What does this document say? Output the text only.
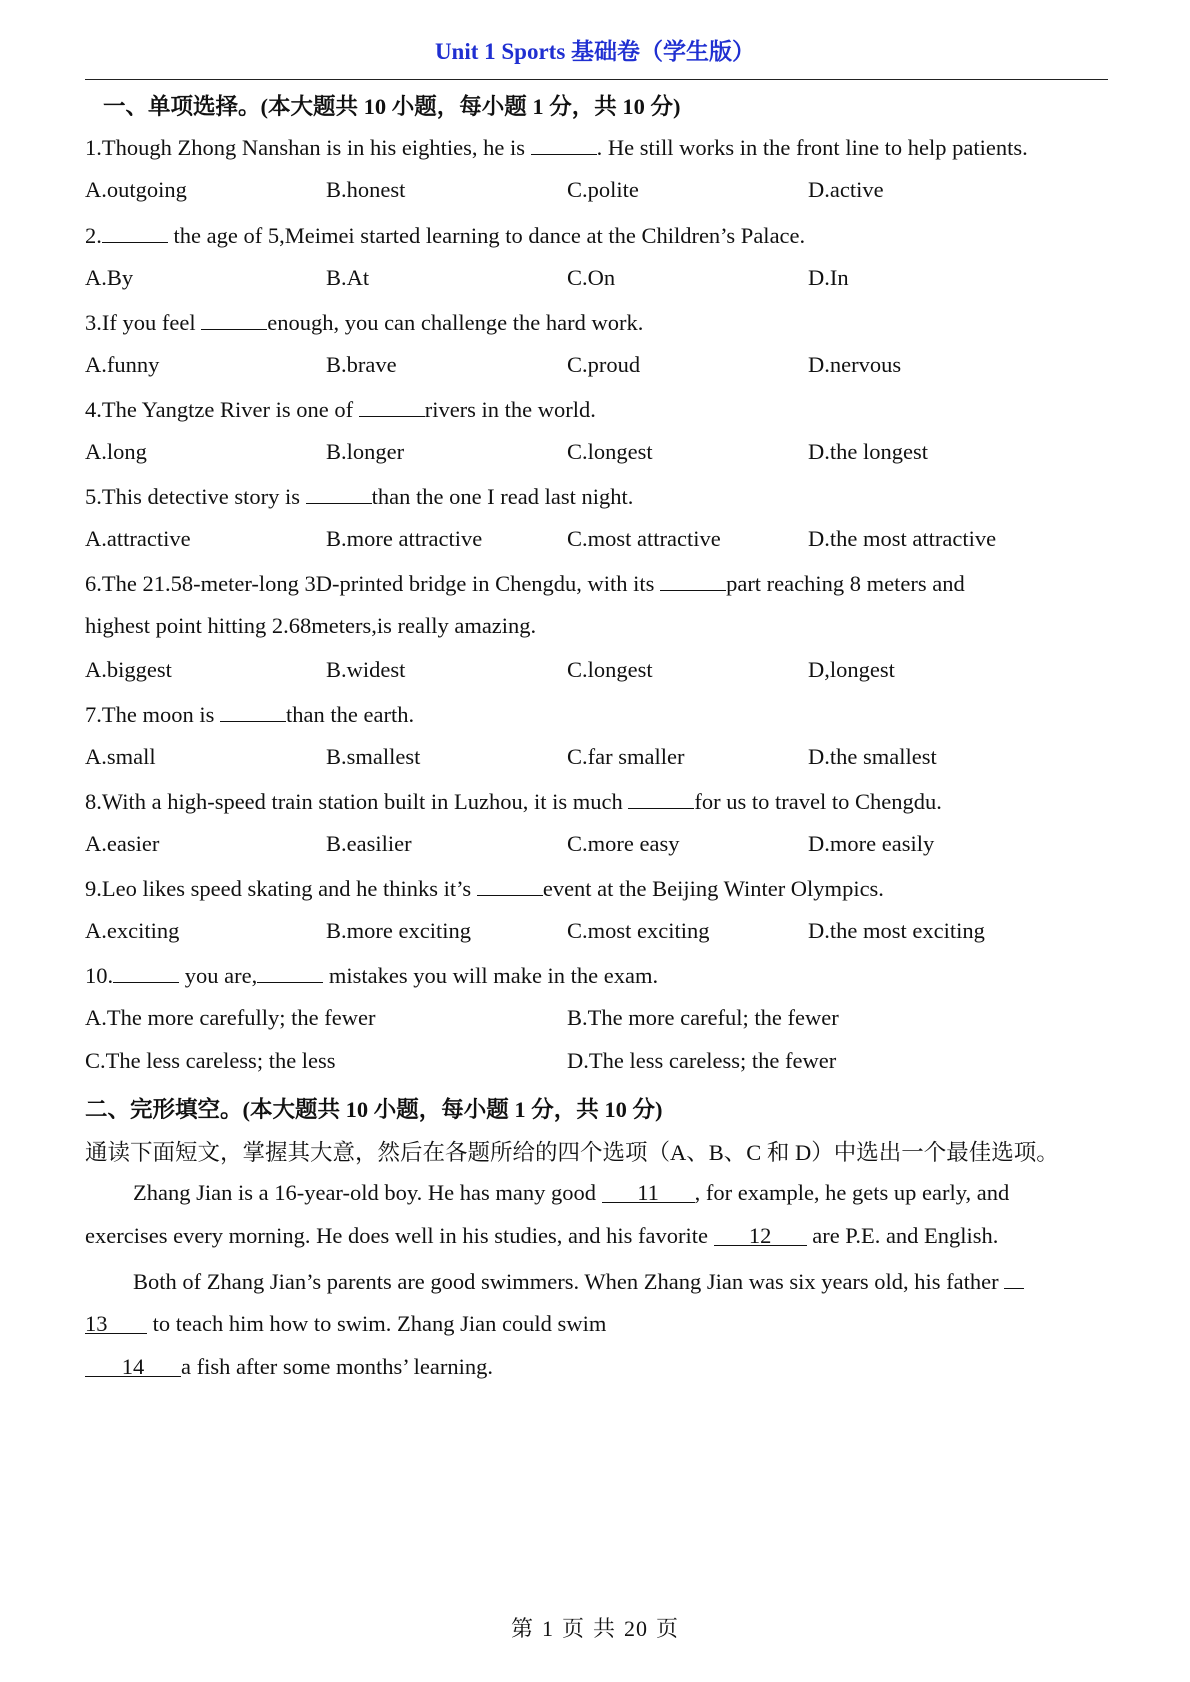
Unit 1 Sports 基础卷（学生版）
一、单项选择。(本大题共 10 小题，每小题 1 分，共 10 分)
1.Though Zhong Nanshan is in his eighties, he is	. He still works in the front line to help patients.
A.outgoing	B.honest	C.polite	D.active
2.	the age of 5,Meimei started learning to dance at the Children’s Palace.
A.By	B.At	C.On	D.In
3.If you feel	enough, you can challenge the hard work.
A.funny	B.brave	C.proud	D.nervous
4.The Yangtze River is one of	rivers in the world.
A.long	B.longer	C.longest	D.the longest
5.This detective story is	than the one I read last night.
A.attractive	B.more attractive	C.most attractive	D.the most attractive
6.The 21.58-meter-long 3D-printed bridge in Chengdu, with its	part reaching 8 meters and
highest point hitting 2.68meters,is really amazing.
A.biggest	B.widest	C.longest	D,longest
7.The moon is	than the earth.
A.small	B.smallest	C.far smaller	D.the smallest
8.With a high-speed train station built in Luzhou, it is much	for us to travel to Chengdu.
A.easier	B.easilier	C.more easy	D.more easily
9.Leo likes speed skating and he thinks it’s	event at the Beijing Winter Olympics.
A.exciting	B.more exciting	C.most exciting	D.the most exciting
10.	you are,	mistakes you will make in the exam.
A.The more carefully; the fewer	B.The more careful; the fewer
C.The less careless; the less	D.The less careless; the fewer
二、完形填空。(本大题共 10 小题，每小题 1 分，共 10 分)
通读下面短文，掌握其大意，然后在各题所给的四个选项（A、B、C 和 D）中选出一个最佳选项。
Zhang Jian is a 16-year-old boy. He has many good 11 , for example, he gets up early, and
exercises every morning. He does well in his studies, and his favorite 12 are P.E. and English.
Both of Zhang Jian’s parents are good swimmers. When Zhang Jian was six years old, his father
13 to teach him how to swim. Zhang Jian could swim
14 a fish after some months’ learning.
第 1 页 共 20 页
